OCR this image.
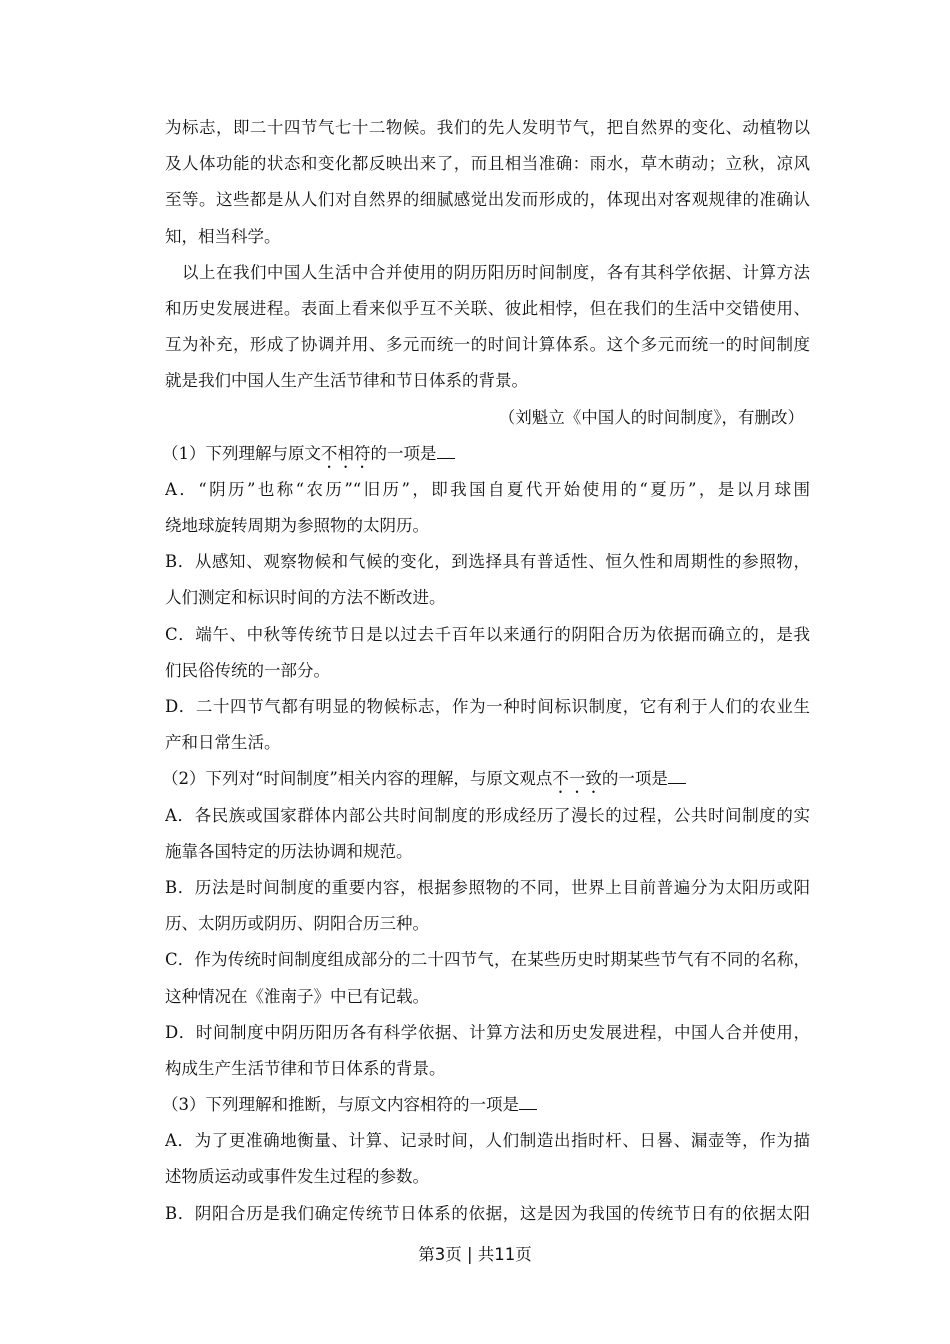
为标志，即二十四节气七十二物候。我们的先人发明节气，把自然界的变化、动植物以
及人体功能的状态和变化都反映出来了，而且相当准确：雨水，草木萌动；立秋，凉风
至等。这些都是从人们对自然界的细腻感觉出发而形成的，体现出对客观规律的准确认
知，相当科学。
以上在我们中国人生活中合并使用的阴历阳历时间制度，各有其科学依据、计算方法
和历史发展进程。表面上看来似乎互不关联、彼此相悖，但在我们的生活中交错使用、
互为补充，形成了协调并用、多元而统一的时间计算体系。这个多元而统一的时间制度
就是我们中国人生产生活节律和节日体系的背景。
（刘魁立《中国人的时间制度》，有删改）
（1）下列理解与原文不相符的一项是
A．“阴历”也称“农历”“旧历”，即我国自夏代开始使用的“夏历”，是以月球围
绕地球旋转周期为参照物的太阴历。
B．从感知、观察物候和气候的变化，到选择具有普适性、恒久性和周期性的参照物，
人们测定和标识时间的方法不断改进。
C．端午、中秋等传统节日是以过去千百年以来通行的阴阳合历为依据而确立的，是我
们民俗传统的一部分。
D．二十四节气都有明显的物候标志，作为一种时间标识制度，它有利于人们的农业生
产和日常生活。
（2）下列对“时间制度”相关内容的理解，与原文观点不一致的一项是
A．各民族或国家群体内部公共时间制度的形成经历了漫长的过程，公共时间制度的实
施靠各国特定的历法协调和规范。
B．历法是时间制度的重要内容，根据参照物的不同，世界上目前普遍分为太阳历或阳
历、太阴历或阴历、阴阳合历三种。
C．作为传统时间制度组成部分的二十四节气，在某些历史时期某些节气有不同的名称，
这种情况在《淮南子》中已有记载。
D．时间制度中阴历阳历各有科学依据、计算方法和历史发展进程，中国人合并使用，
构成生产生活节律和节日体系的背景。
（3）下列理解和推断，与原文内容相符的一项是
A．为了更准确地衡量、计算、记录时间，人们制造出指时杆、日晷、漏壶等，作为描
述物质运动或事件发生过程的参数。
B．阴阳合历是我们确定传统节日体系的依据，这是因为我国的传统节日有的依据太阳
第3页 | 共11页
